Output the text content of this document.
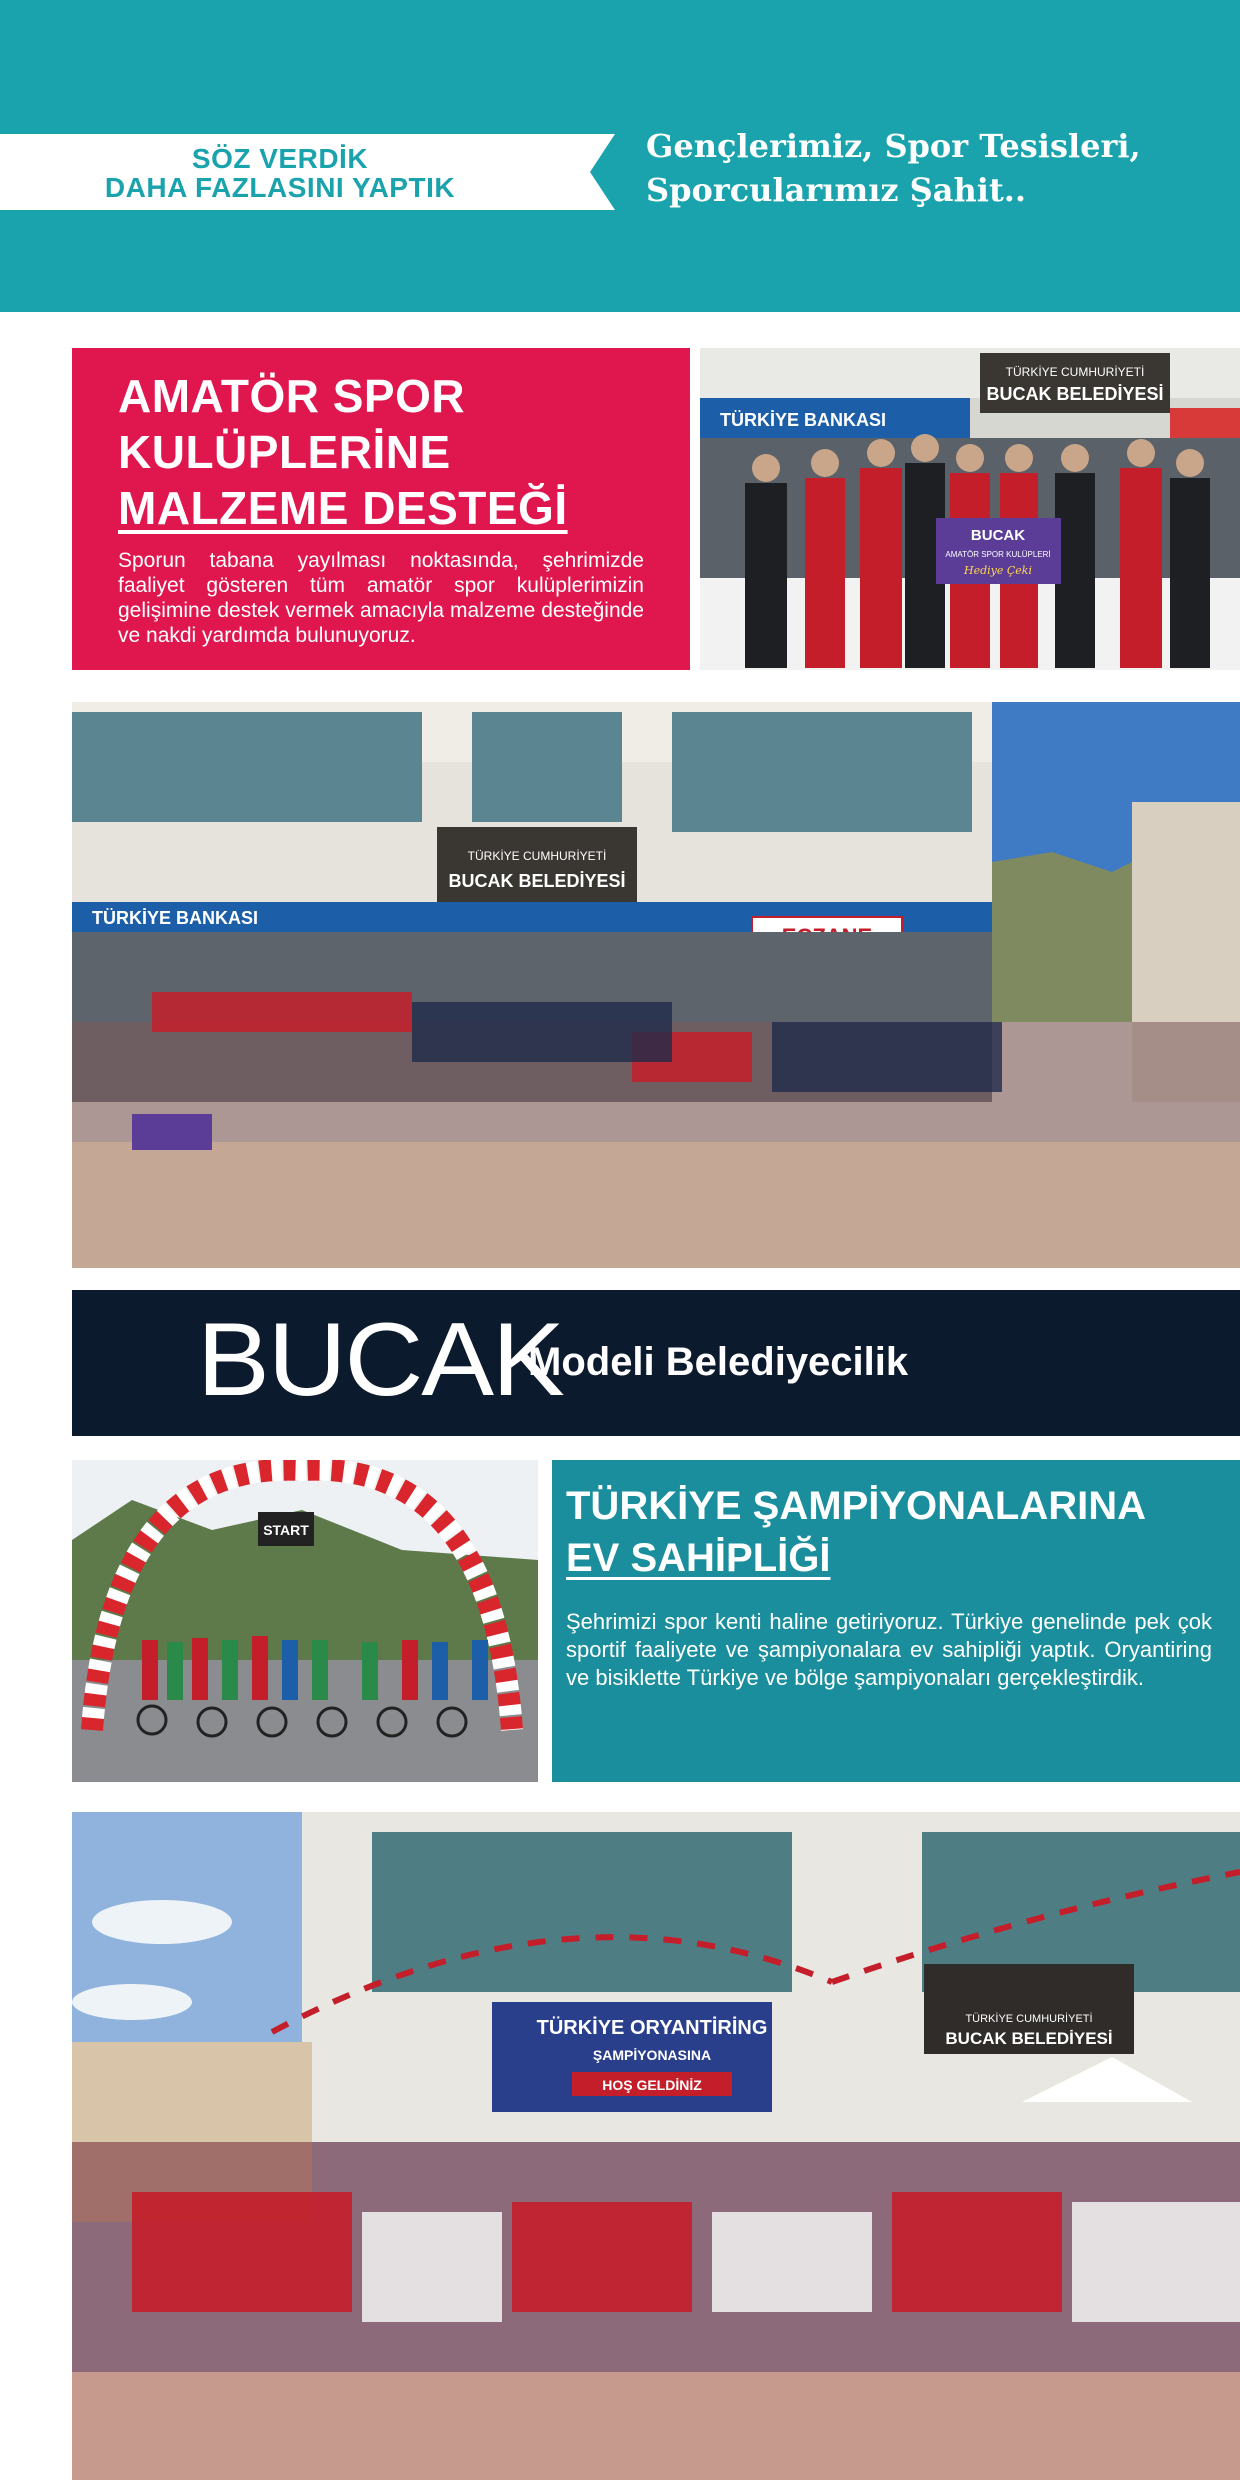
SÖZ VERDİK
DAHA FAZLASINI YAPTIK
Gençlerimiz, Spor Tesisleri,
Sporcularımız Şahit..
AMATÖR SPOR
KULÜPLERİNE
MALZEME DESTEĞİ

Sporun tabana yayılması noktasında, şehrimizde faaliyet gösteren tüm amatör spor kulüplerimizin gelişimine destek vermek amacıyla malzeme desteğinde ve nakdi yardımda bulunuyoruz.

TÜRKİYE BANKASI
TÜRKİYE CUMHURİYETİ
BUCAK BELEDİYESİ
BUCAK
AMATÖR SPOR KULÜPLERİ
Hediye Çeki
TÜRKİYE BANKASI
TÜRKİYE CUMHURİYETİ
BUCAK BELEDİYESİ
BUCAK
Modeli Belediyecilik
START
TÜRKİYE ŞAMPİYONALARINA
EV SAHİPLİĞİ

Şehrimizi spor kenti haline getiriyoruz. Türkiye genelinde pek çok sportif faaliyete ve şampiyonalara ev sahipliği yaptık. Oryantiring ve bisiklette Türkiye ve bölge şampiyonaları gerçekleştirdik.

TÜRKİYE ORYANTİRİNG
ŞAMPİYONASINA
HOŞ GELDİNİZ
TÜRKİYE CUMHURİYETİ
BUCAK BELEDİYESİ
